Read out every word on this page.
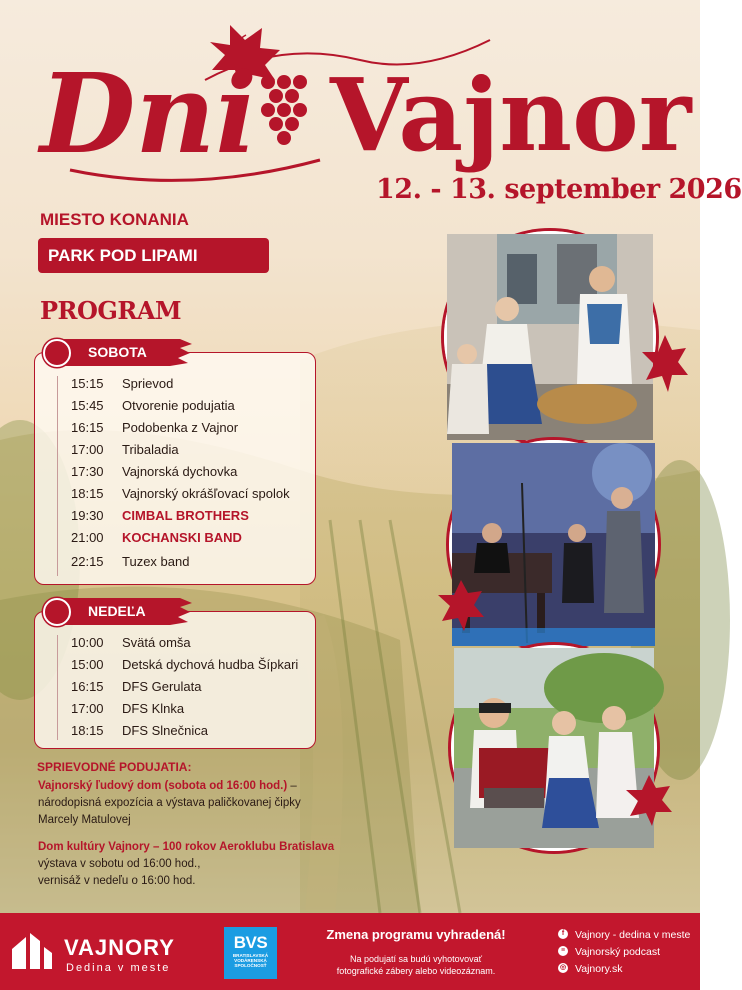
Dni Vajnor
12. - 13. september 2026
MIESTO KONANIA
PARK POD LIPAMI
PROGRAM
SOBOTA
15:15	Sprievod
15:45	Otvorenie podujatia
16:15	Podobenka z Vajnor
17:00	Tribaladia
17:30	Vajnorská dychovka
18:15	Vajnorský okrášľovací spolok
19:30	CIMBAL BROTHERS
21:00	KOCHANSKI BAND
22:15	Tuzex band
NEDEĽA
10:00	Svätá omša
15:00	Detská dychová hudba Šípkari
16:15	DFS Gerulata
17:00	DFS Klnka
18:15	DFS Slnečnica
SPRIEVODNÉ PODUJATIA:
Vajnorský ľudový dom (sobota od 16:00 hod.) – národopisná expozícia a výstava paličkovanej čipky Marcely Matulovej
Dom kultúry Vajnory – 100 rokov Aeroklubu Bratislava
výstava v sobotu od 16:00 hod.,
vernisáž v nedeľu o 16:00 hod.
VAJNORY
Dedina v meste
BVS
BRATISLAVSKÁ
VODÁRENSKÁ
SPOLOČNOSŤ
Zmena programu vyhradená!
Na podujatí sa budú vyhotovovať fotografické zábery alebo videozáznam.
f	Vajnory - dedina v meste
≡ Vajnorský podcast
◎ Vajnory.sk
